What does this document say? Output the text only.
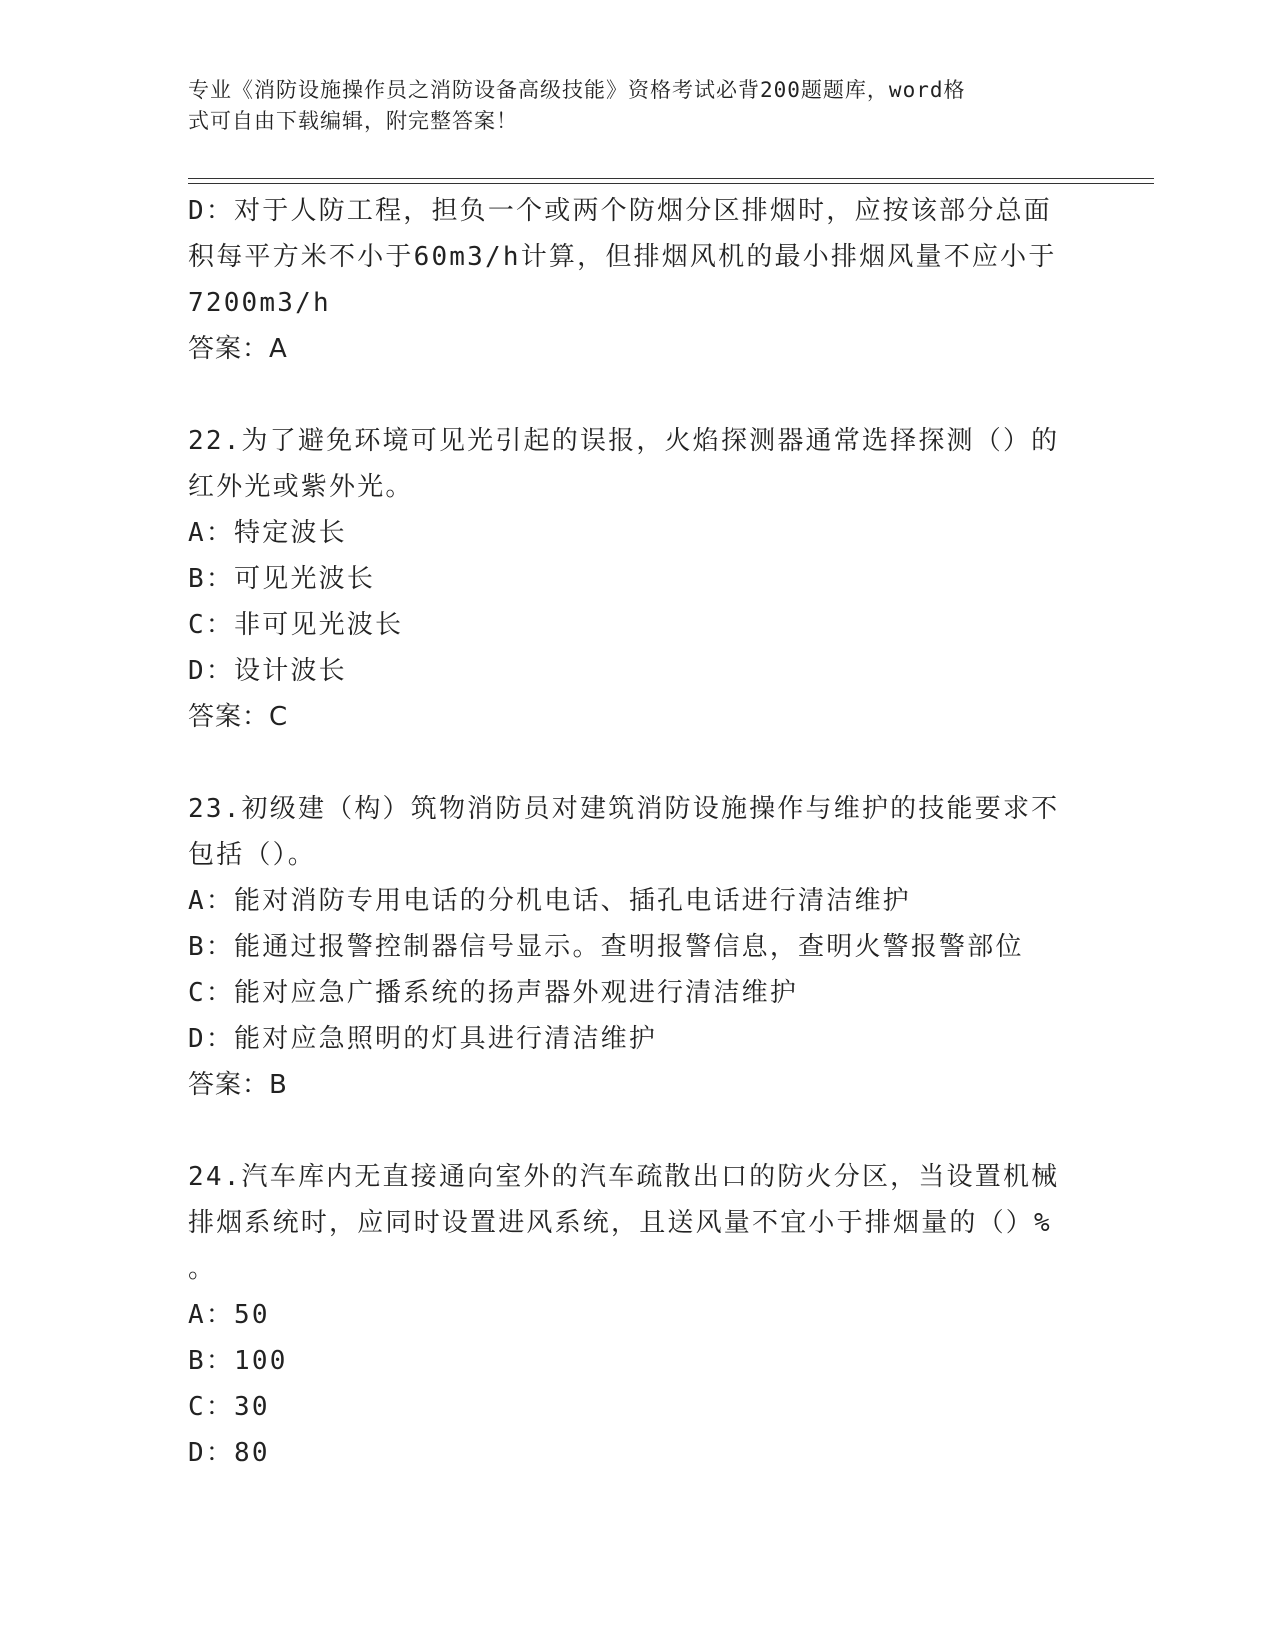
专业《消防设施操作员之消防设备高级技能》资格考试必背200题题库，word格
式可自由下载编辑，附完整答案！
D：对于人防工程，担负一个或两个防烟分区排烟时，应按该部分总面
积每平方米不小于60m3/h计算，但排烟风机的最小排烟风量不应小于
7200m3/h
答案：A
22.为了避免环境可见光引起的误报，火焰探测器通常选择探测（）的
红外光或紫外光。
A：特定波长
B：可见光波长
C：非可见光波长
D：设计波长
答案：C
23.初级建（构）筑物消防员对建筑消防设施操作与维护的技能要求不
包括（）。
A：能对消防专用电话的分机电话、插孔电话进行清洁维护
B：能通过报警控制器信号显示。查明报警信息，查明火警报警部位
C：能对应急广播系统的扬声器外观进行清洁维护
D：能对应急照明的灯具进行清洁维护
答案：B
24.汽车库内无直接通向室外的汽车疏散出口的防火分区，当设置机械
排烟系统时，应同时设置进风系统，且送风量不宜小于排烟量的（）%
。
A：50
B：100
C：30
D：80
